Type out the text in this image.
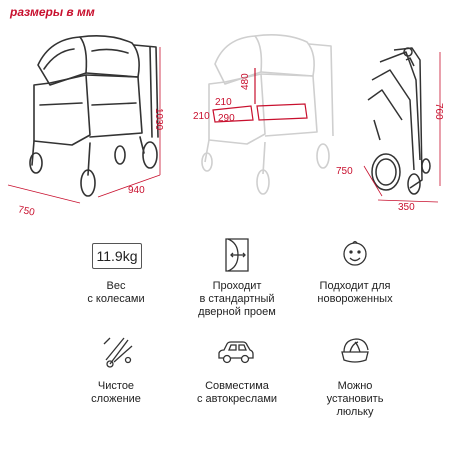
размеры в мм
1030
940
750
210
210 290
480
760
750
350
11.9kg
Вес
с колесами
Проходит
в стандартный
дверной проем
Подходит для
новороженных
Чистое
сложение
Совместима
с автокреслами
Можно
установить
люльку
